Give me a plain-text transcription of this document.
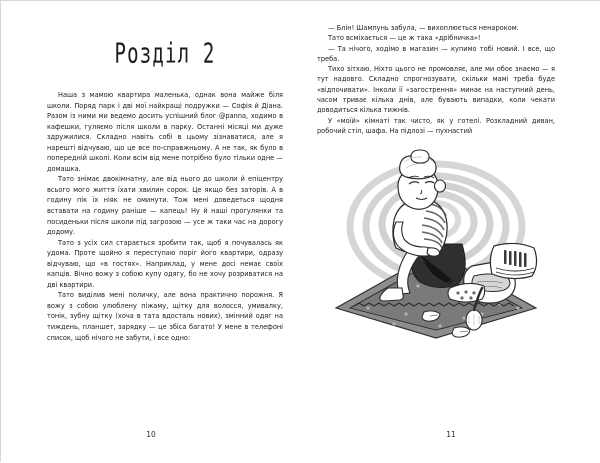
Розділ 2

Наша з мамою квартира маленька, однак вона майже біля школи. Поряд парк і дві мої найкращі подружки — Софія й Діана. Разом із ними ми ведемо досить успішний блог @panna, ходимо в кафешки, гуляємо після школи в парку. Останні місяці ми дуже здружилися. Складно навіть собі в цьому зізнаватися, але я нарешті відчуваю, що це все по-справжньому. А не так, як було в попередній школі. Коли всім від мене потрібно було тільки одне — домашка.

Тато знімає двокімнатну, але від нього до школи й епіцентру всього мого життя їхати хвилин сорок. Це якщо без заторів. А в годину пік їх ніяк не оминути. Тож мені доведеться щодня вставати на годину раніше — капець! Ну й наші прогулянки та посиденьки після школи під загрозою — усе ж таки час на дорогу додому.

Тато з усіх сил старається зробити так, щоб я почувалась як удома. Проте щойно я переступаю поріг його квартири, одразу відчуваю, що «в гостях». Наприклад, у мене досі немає своїх капців. Вічно вожу з собою купу одягу, бо не хочу розриватися на дві квартири.

Тато виділив мені поличку, але вона практично порожня. Я вожу з собою улюблену піжаму, щітку для волосся, умивалку, тонік, зубну щітку (хоча в тата вдосталь нових), змінний одяг на тиждень, планшет, зарядку — це збіса багато! У мене в телефоні список, щоб нічого не забути, і все одно:

10

— Блін! Шампунь забула, — вихоплюється ненароком.

Тато всміхається — це ж така «дрібничка»!

— Та нічого, ходімо в магазин — купимо тобі новий. І все, що треба.

Тихо зітхаю. Ніхто цього не промовляє, але ми обоє знаємо — я тут надовго. Складно спрогнозувати, скільки мамі треба буде «відпочивати». Інколи її «загострення» минає на наступний день, часом триває кілька днів, але бувають випадки, коли чекати доводиться кілька тижнів.

У «моїй» кімнаті так чисто, як у готелі. Розкладний диван, робочий стіл, шафа. На підлозі — пухнастий

11
